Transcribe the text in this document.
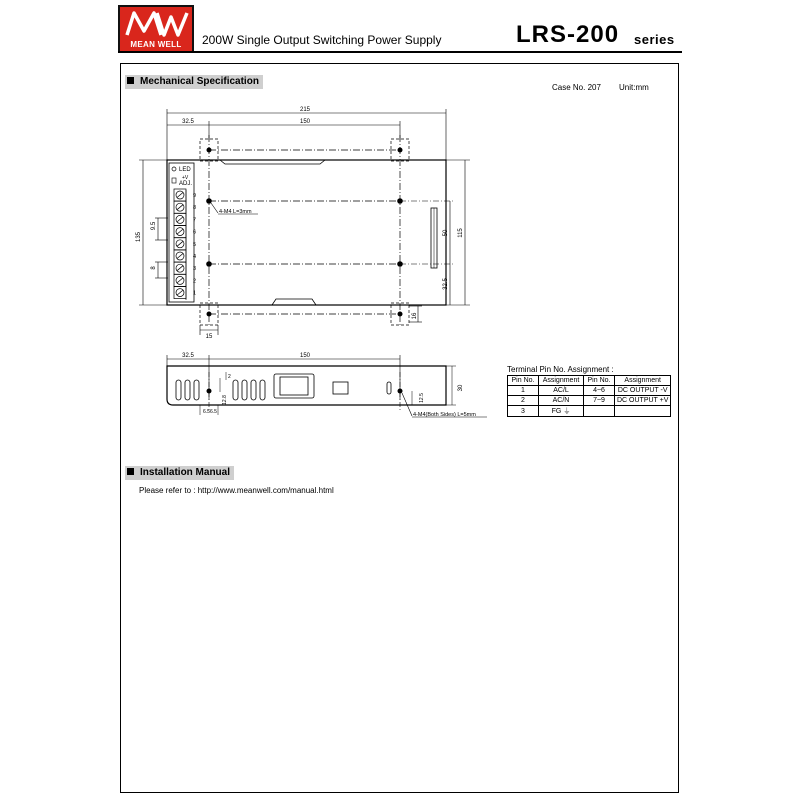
MEAN WELL	200W Single Output Switching Power Supply	LRS-200 series
Mechanical Specification
Case No. 207 Unit:mm
215
32.5	150
LED
+V
ADJ.
135
9.5
8
115
50
32.5
4-M4 L=3mm
15
16
32.5	150
6.5 6.5
12.8
2
12.5
30
4-M4(Both Sides) L=5mm
9
8
7
6
5
4
3
2
1
Terminal Pin No. Assignment :
Pin No.	Assignment	Pin No.	Assignment
1	AC/L	4~6	DC OUTPUT -V
2	AC/N	7~9	DC OUTPUT +V
3	FG ⏚		
Installation Manual
Please refer to : http://www.meanwell.com/manual.html
